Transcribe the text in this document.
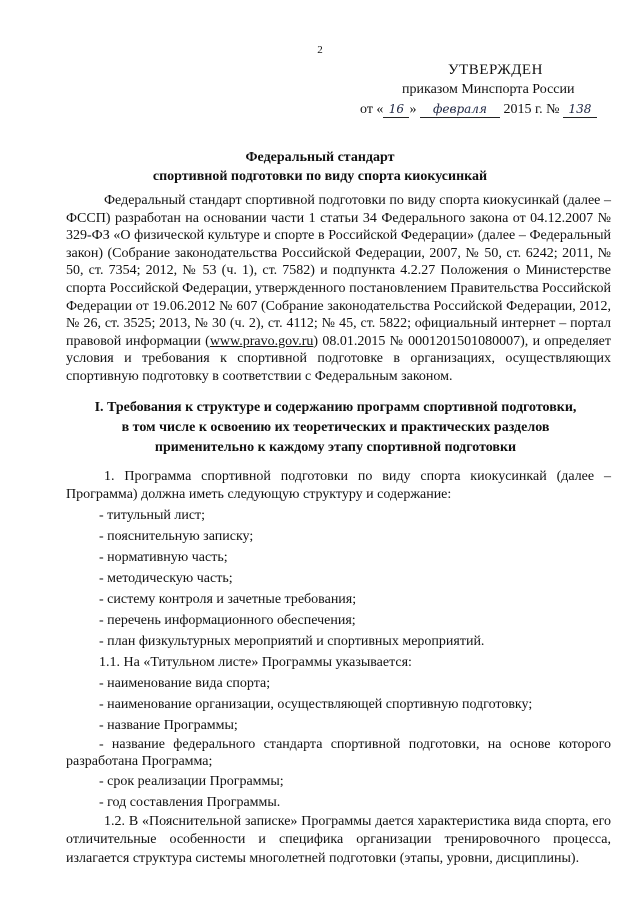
2
УТВЕРЖДЕН
приказом Минспорта России
от « 16 » февраля 2015 г. № 138
Федеральный стандарт
спортивной подготовки по виду спорта киокусинкай

Федеральный стандарт спортивной подготовки по виду спорта киокусинкай (далее – ФССП) разработан на основании части 1 статьи 34 Федерального закона от 04.12.2007 № 329-ФЗ «О физической культуре и спорте в Российской Федерации» (далее – Федеральный закон) (Собрание законодательства Российской Федерации, 2007, № 50, ст. 6242; 2011, № 50, ст. 7354; 2012, № 53 (ч. 1), ст. 7582) и подпункта 4.2.27 Положения о Министерстве спорта Российской Федерации, утвержденного постановлением Правительства Российской Федерации от 19.06.2012 № 607 (Собрание законодательства Российской Федерации, 2012, № 26, ст. 3525; 2013, № 30 (ч. 2), ст. 4112; № 45, ст. 5822; официальный интернет – портал правовой информации (www.pravo.gov.ru) 08.01.2015 № 0001201501080007), и определяет условия и требования к спортивной подготовке в организациях, осуществляющих спортивную подготовку в соответствии с Федеральным законом.

I. Требования к структуре и содержанию программ спортивной подготовки,
в том числе к освоению их теоретических и практических разделов
применительно к каждому этапу спортивной подготовки

1. Программа спортивной подготовки по виду спорта киокусинкай (далее – Программа) должна иметь следующую структуру и содержание:

- титульный лист;

- пояснительную записку;

- нормативную часть;

- методическую часть;

- систему контроля и зачетные требования;

- перечень информационного обеспечения;

- план физкультурных мероприятий и спортивных мероприятий.

1.1. На «Титульном листе» Программы указывается:

- наименование вида спорта;

- наименование организации, осуществляющей спортивную подготовку;

- название Программы;

- название федерального стандарта спортивной подготовки, на основе которого разработана Программа;

- срок реализации Программы;

- год составления Программы.

1.2. В «Пояснительной записке» Программы дается характеристика вида спорта, его отличительные особенности и специфика организации тренировочного процесса, излагается структура системы многолетней подготовки (этапы, уровни, дисциплины).
